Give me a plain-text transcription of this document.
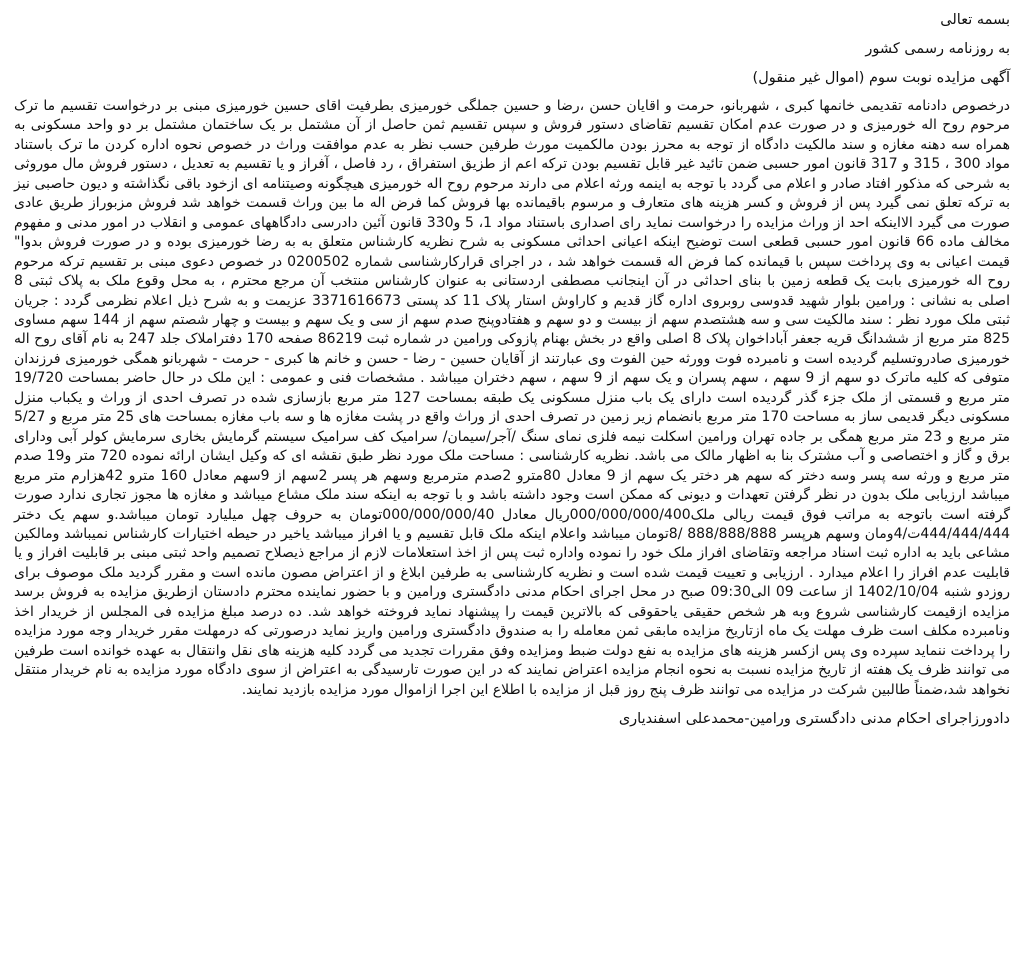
بسمه تعالی
به روزنامه رسمی کشور
آگهی مزایده نوبت سوم (اموال غیر منقول)
درخصوص دادنامه تقدیمی خانمها کبری ، شهربانو، حرمت و اقایان حسن ،رضا و حسین جملگی خورمیزی بطرفیت اقای حسین خورمیزی مبنی بر درخواست تقسیم ما ترک مرحوم روح اله خورمیزی و در صورت عدم امکان تقسیم تقاضای دستور فروش و سپس تقسیم ثمن حاصل از آن مشتمل بر یک ساختمان مشتمل بر دو واحد مسکونی به همراه سه دهنه مغازه و سند مالکیت دادگاه از توجه به محرز بودن مالکمیت مورث طرفین حسب نظر به عدم موافقت وراث در خصوص نحوه اداره کردن ما ترک باستناد مواد 300 ، 315 و 317 قانون امور حسبی ضمن تائید غیر قابل تقسیم بودن ترکه اعم از طزیق استفراق ، رد فاصل ، آفراز و یا تقسیم به تعدیل ، دستور فروش مال موروثی به شرحی که مذکور افتاد صادر و اعلام می گردد با توجه به اینمه ورثه اعلام می دارند مرحوم روح اله خورمیزی هیچگونه وصیتنامه ای ازخود باقی نگذاشته و دیون حاصبی نیز به ترکه تعلق نمی گیرد پس از فروش و کسر هزینه های متعارف و مرسوم باقیمانده بها فروش کما فرض اله ما بین وراث قسمت خواهد شد فروش مزبوراز طریق عادی صورت می گیرد الااینکه احد از وراث مزایده را درخواست نماید رای اصداری باستناد مواد 1، 5 و330 قانون آئین دادرسی دادگاههای عمومی و انقلاب در امور مدنی و مفهوم مخالف ماده 66 قانون امور حسبی قطعی است توضیح اینکه اعیانی احداثی مسکونی به شرح نظریه کارشناس متعلق به به رضا خورمیزی بوده و در صورت فروش بدوا" قیمت اعیانی به وی پرداخت سپس با قیمانده کما فرض اله قسمت خواهد شد ، در اجرای قرارکارشناسی شماره 0200502 در خصوص دعوی مبنی بر تقسیم ترکه مرحوم روح اله خورمیزی بابت یک قطعه زمین با بنای احداثی در آن اینجانب مصطفی اردستانی به عنوان کارشناس منتخب آن مرجع محترم ، به محل وقوع ملک به پلاک ثبتی 8 اصلی به نشانی : ورامین بلوار شهید قدوسی روبروی اداره گاز قدیم و کاراوش استار پلاک 11 کد پستی 3371616673 عزیمت و به شرح ذیل اعلام نظرمی گردد : جریان ثبتی ملک مورد نظر : سند مالکیت سی و سه هشتصدم سهم از بیست و دو سهم و هفتادوپنج صدم سهم از سی و یک سهم و بیست و چهار شصتم سهم از 144 سهم مساوی 825 متر مربع از ششدانگ قریه جعفر آباداخوان پلاک 8 اصلی واقع در بخش بهنام پازوکی ورامین در شماره ثبت 86219 صفحه 170 دفتراملاک جلد 247 به نام آقای روح اله خورمیزی صادروتسلیم گردیده است و نامبرده فوت وورثه حین الفوت وی عبارتند از آقایان حسین - رضا - حسن و خانم ها کبری - حرمت - شهربانو همگی خورمیزی فرزندان متوفی که کلیه ماترک دو سهم از 9 سهم ، سهم پسران و یک سهم از 9 سهم ، سهم دختران میباشد . مشخصات فنی و عمومی : این ملک در حال حاضر بمساحت 19/720 متر مربع و قسمتی از ملک جزء گذر گردیده است دارای یک باب منزل مسکونی یک طبقه بمساحت 127 متر مربع بازسازی شده در تصرف احدی از وراث و یکباب منزل مسکونی دیگر قدیمی ساز به مساحت 170 متر مربع بانضمام زیر زمین در تصرف احدی از وراث واقع در پشت مغازه ها و سه باب مغازه بمساحت های 25 متر مربع و 5/27 متر مربع و 23 متر مربع همگی بر جاده تهران ورامین اسکلت نیمه فلزی نمای سنگ /آجر/سیمان/ سرامیک کف سرامیک سیستم گرمایش بخاری سرمایش کولر آبی ودارای برق و گاز و اختصاصی و آب مشترک بنا به اظهار مالک می باشد. نظریه کارشناسی : مساحت ملک مورد نظر طبق نقشه ای که وکیل ایشان ارائه نموده 720 متر و19 صدم متر مربع و ورثه سه پسر وسه دختر که سهم هر دختر یک سهم از 9 معادل 80مترو 2صدم مترمربع وسهم هر پسر 2سهم از 9سهم معادل 160 مترو 42هزارم متر مربع میباشد ارزیابی ملک بدون در نظر گرفتن تعهدات و دیونی که ممکن است وجود داشته باشد و با توجه به اینکه سند ملک مشاع میباشد و مغازه ها مجوز تجاری ندارد صورت گرفته است باتوجه به مراتب فوق قیمت ریالی ملک000/000/000/400ریال معادل 000/000/000/40تومان به حروف چهل میلیارد تومان میباشد.و سهم یک دختر 444/444/444ت/4ومان وسهم هرپسر 888/888/888 /8تومان میباشد واعلام اینکه ملک قابل تقسیم و یا افراز میباشد یاخیر در حیطه اختیارات کارشناس نمیباشد ومالکین مشاعی باید به اداره ثبت اسناد مراجعه وتقاضای افراز ملک خود را نموده واداره ثبت پس از اخذ استعلامات لازم از مراجع ذیصلاح تصمیم واحد ثبتی مبنی بر قابلیت افراز و یا قابلیت عدم افراز را اعلام میدارد . ارزیابی و تعییت قیمت شده است و نظریه کارشناسی به طرفین ابلاغ و از اعتراض مصون مانده است و مقرر گردید ملک موصوف برای روزدو شنبه 1402/10/04 از ساعت 09 الی09:30 صبح در محل اجرای احکام مدنی دادگستری ورامین و با حضور نماینده محترم دادستان ازطریق مزایده به فروش برسد مزایده ازقیمت کارشناسی شروع وبه هر شخص حقیقی یاحقوقی که بالاترین قیمت را پیشنهاد نماید فروخته خواهد شد. ده درصد مبلغ مزایده فی المجلس از خریدار اخذ ونامبرده مکلف است ظرف مهلت یک ماه ازتاریخ مزایده مابقی ثمن معامله را به صندوق دادگستری ورامین واریز نماید درصورتی که درمهلت مقرر خریدار وجه مورد مزایده را پرداخت ننماید سپرده وی پس ازکسر هزینه های مزایده به نفع دولت ضبط ومزایده وفق مقررات تجدید می گردد کلیه هزینه های نقل وانتقال به عهده خوانده است طرفین می توانند ظرف یک هفته از تاریخ مزایده نسبت به نحوه انجام مزایده اعتراض نمایند که در این صورت تارسیدگی به اعتراض از سوی دادگاه مورد مزایده به نام خریدار منتقل نخواهد شد،ضمناً طالبین شرکت در مزایده می توانند ظرف پنج روز قبل از مزایده با اطلاع این اجرا ازاموال مورد مزایده بازدید نمایند.
دادورزاجرای احکام مدنی دادگستری ورامین-محمدعلی اسفندیاری
